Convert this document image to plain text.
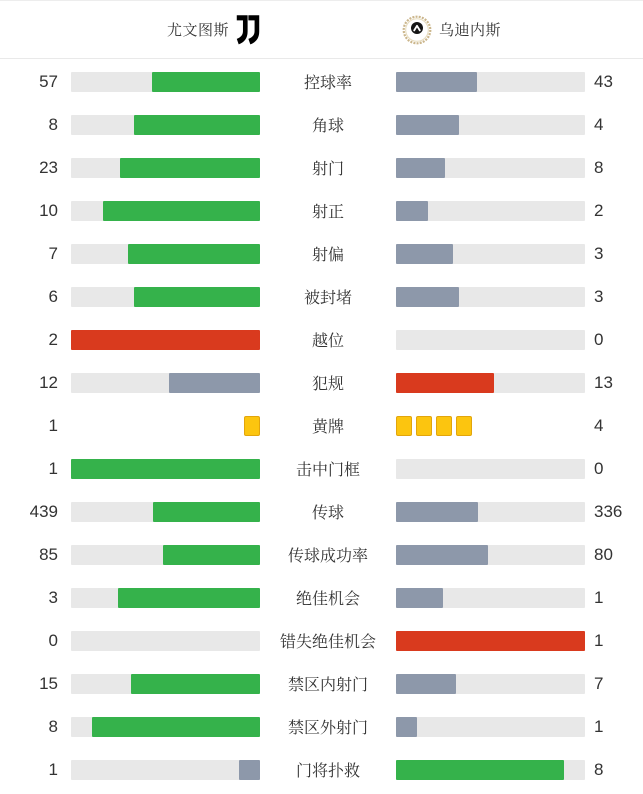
尤文图斯	乌迪内斯
57	控球率	43
8	角球	4
23	射门	8
10	射正	2
7	射偏	3
6	被封堵	3
2	越位	0
12	犯规	13
1	黄牌	4
1	击中门框	0
439	传球	336
85	传球成功率	80
3	绝佳机会	1
0	错失绝佳机会	1
15	禁区内射门	7
8	禁区外射门	1
1	门将扑救	8
